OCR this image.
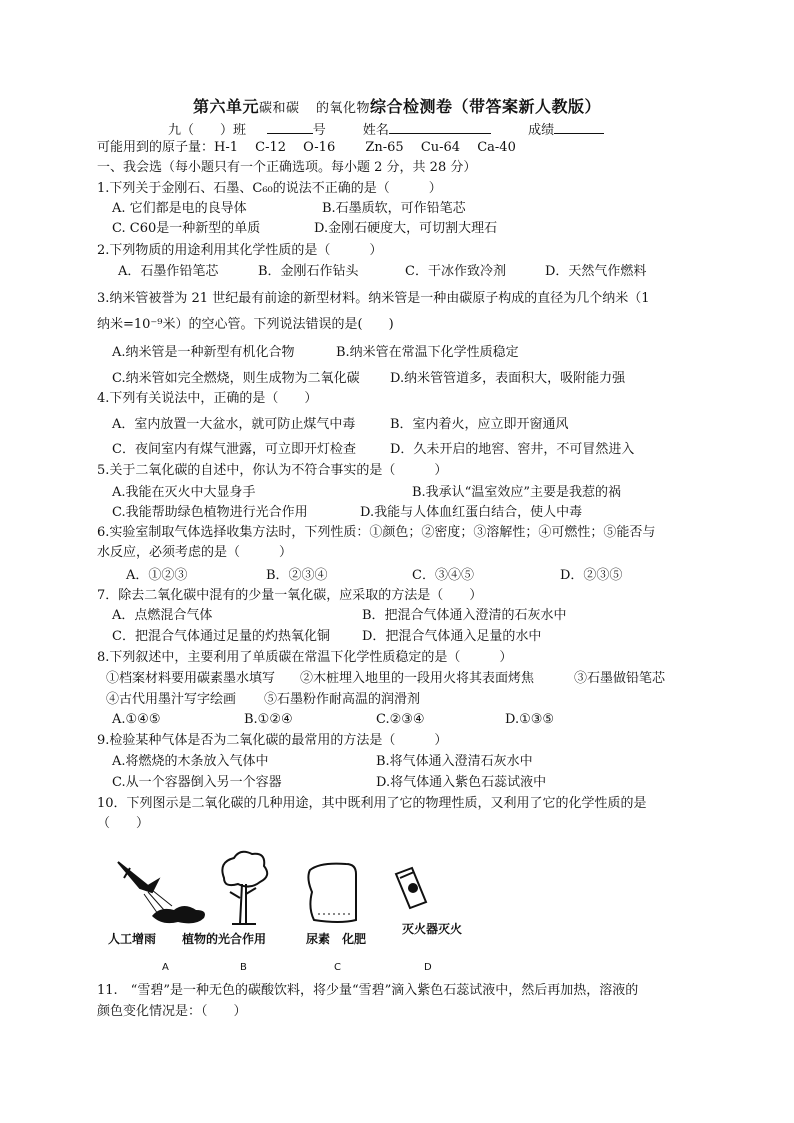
第六单元碳和碳　 的氧化物综合检测卷（带答案新人教版）
九（　　）班	号	姓名	成绩
可能用到的原子量：H-1　 C-12　 O-16　　 Zn-65　 Cu-64　 Ca-40
一、我会选（每小题只有一个正确选项。每小题 2 分，共 28 分）
1.下列关于金刚石、石墨、C₆₀的说法不正确的是（　　　）
A. 它们都是电的良导体	B.石墨质软，可作铅笔芯
C. C60是一种新型的单质	D.金刚石硬度大，可切割大理石
2.下列物质的用途利用其化学性质的是（　　　）
A．石墨作铅笔芯	B．金刚石作钻头	C．干冰作致冷剂	D．天然气作燃料
3.纳米管被誉为 21 世纪最有前途的新型材料。纳米管是一种由碳原子构成的直径为几个纳米（1
纳米=10⁻⁹米）的空心管。下列说法错误的是(　　)
A.纳米管是一种新型有机化合物	B.纳米管在常温下化学性质稳定
C.纳米管如完全燃烧，则生成物为二氧化碳 D.纳米管管道多，表面积大，吸附能力强
4.下列有关说法中，正确的是（　　）
A．室内放置一大盆水，就可防止煤气中毒	B．室内着火，应立即开窗通风
C．夜间室内有煤气泄露，可立即开灯检查	D．久未开启的地窖、窖井，不可冒然进入
5.关于二氧化碳的自述中，你认为不符合事实的是（　　　）
A.我能在灭火中大显身手	B.我承认“温室效应”主要是我惹的祸
C.我能帮助绿色植物进行光合作用	D.我能与人体血红蛋白结合，使人中毒
6.实验室制取气体选择收集方法时，下列性质：①颜色；②密度；③溶解性；④可燃性；⑤能否与
水反应，必须考虑的是（　　　）
A．①②③	B．②③④	C．③④⑤	D．②③⑤
7．除去二氧化碳中混有的少量一氧化碳，应采取的方法是（　　）
A．点燃混合气体	B．把混合气体通入澄清的石灰水中
C．把混合气体通过足量的灼热氧化铜 D．把混合气体通入足量的水中
8.下列叙述中，主要利用了单质碳在常温下化学性质稳定的是（　　　）
①档案材料要用碳素墨水填写 ②木桩埋入地里的一段用火将其表面烤焦	③石墨做铅笔芯
④古代用墨汁写字绘画 ⑤石墨粉作耐高温的润滑剂
A.①④⑤	B.①②④	C.②③④	D.①③⑤
9.检验某种气体是否为二氧化碳的最常用的方法是（　　　）
A.将燃烧的木条放入气体中	B.将气体通入澄清石灰水中
C.从一个容器倒入另一个容器	D.将气体通入紫色石蕊试液中
10．下列图示是二氧化碳的几种用途，其中既利用了它的物理性质，又利用了它的化学性质的是
（　　）
人工增雨 植物的光合作用	尿素　化肥
灭火器灭火
A	B	C	D
11.　“雪碧”是一种无色的碳酸饮料，将少量“雪碧”滴入紫色石蕊试液中，然后再加热，溶液的
颜色变化情况是：（　　）
